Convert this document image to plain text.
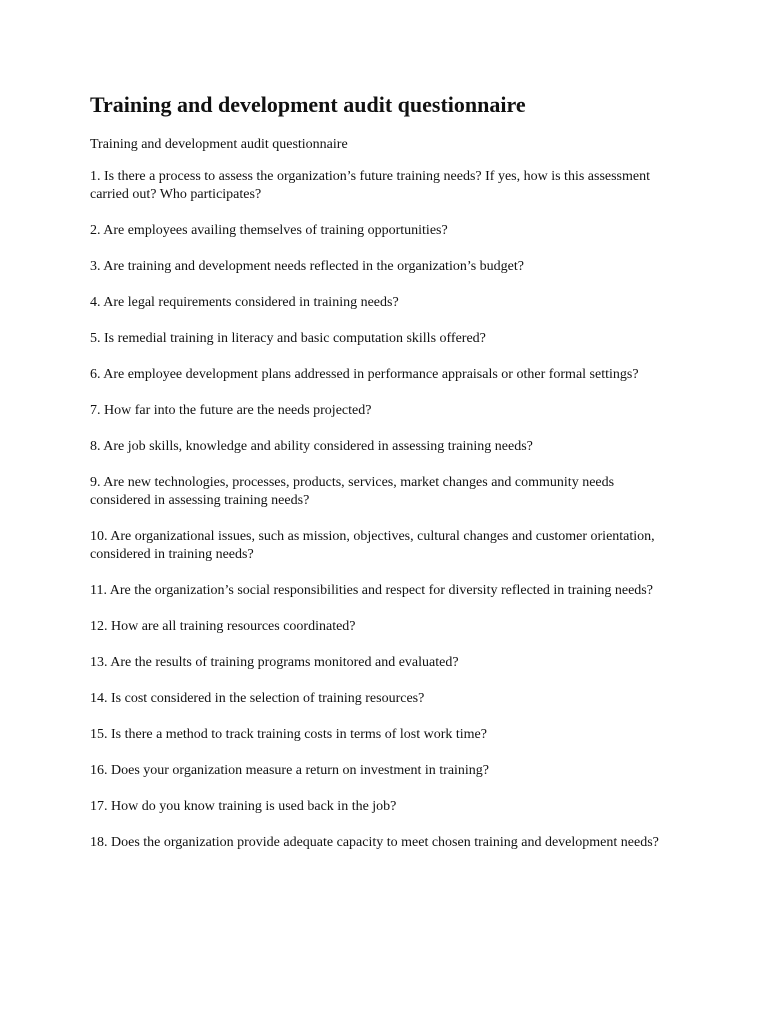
Training and development audit questionnaire

Training and development audit questionnaire

1. Is there a process to assess the organization’s future training needs? If yes, how is this assessment carried out? Who participates?
2. Are employees availing themselves of training opportunities?
3. Are training and development needs reflected in the organization’s budget?
4. Are legal requirements considered in training needs?
5. Is remedial training in literacy and basic computation skills offered?
6. Are employee development plans addressed in performance appraisals or other formal settings?
7. How far into the future are the needs projected?
8. Are job skills, knowledge and ability considered in assessing training needs?
9. Are new technologies, processes, products, services, market changes and community needs considered in assessing training needs?
10. Are organizational issues, such as mission, objectives, cultural changes and customer orientation, considered in training needs?
11. Are the organization’s social responsibilities and respect for diversity reflected in training needs?
12. How are all training resources coordinated?
13. Are the results of training programs monitored and evaluated?
14. Is cost considered in the selection of training resources?
15. Is there a method to track training costs in terms of lost work time?
16. Does your organization measure a return on investment in training?
17. How do you know training is used back in the job?
18. Does the organization provide adequate capacity to meet chosen training and development needs?
